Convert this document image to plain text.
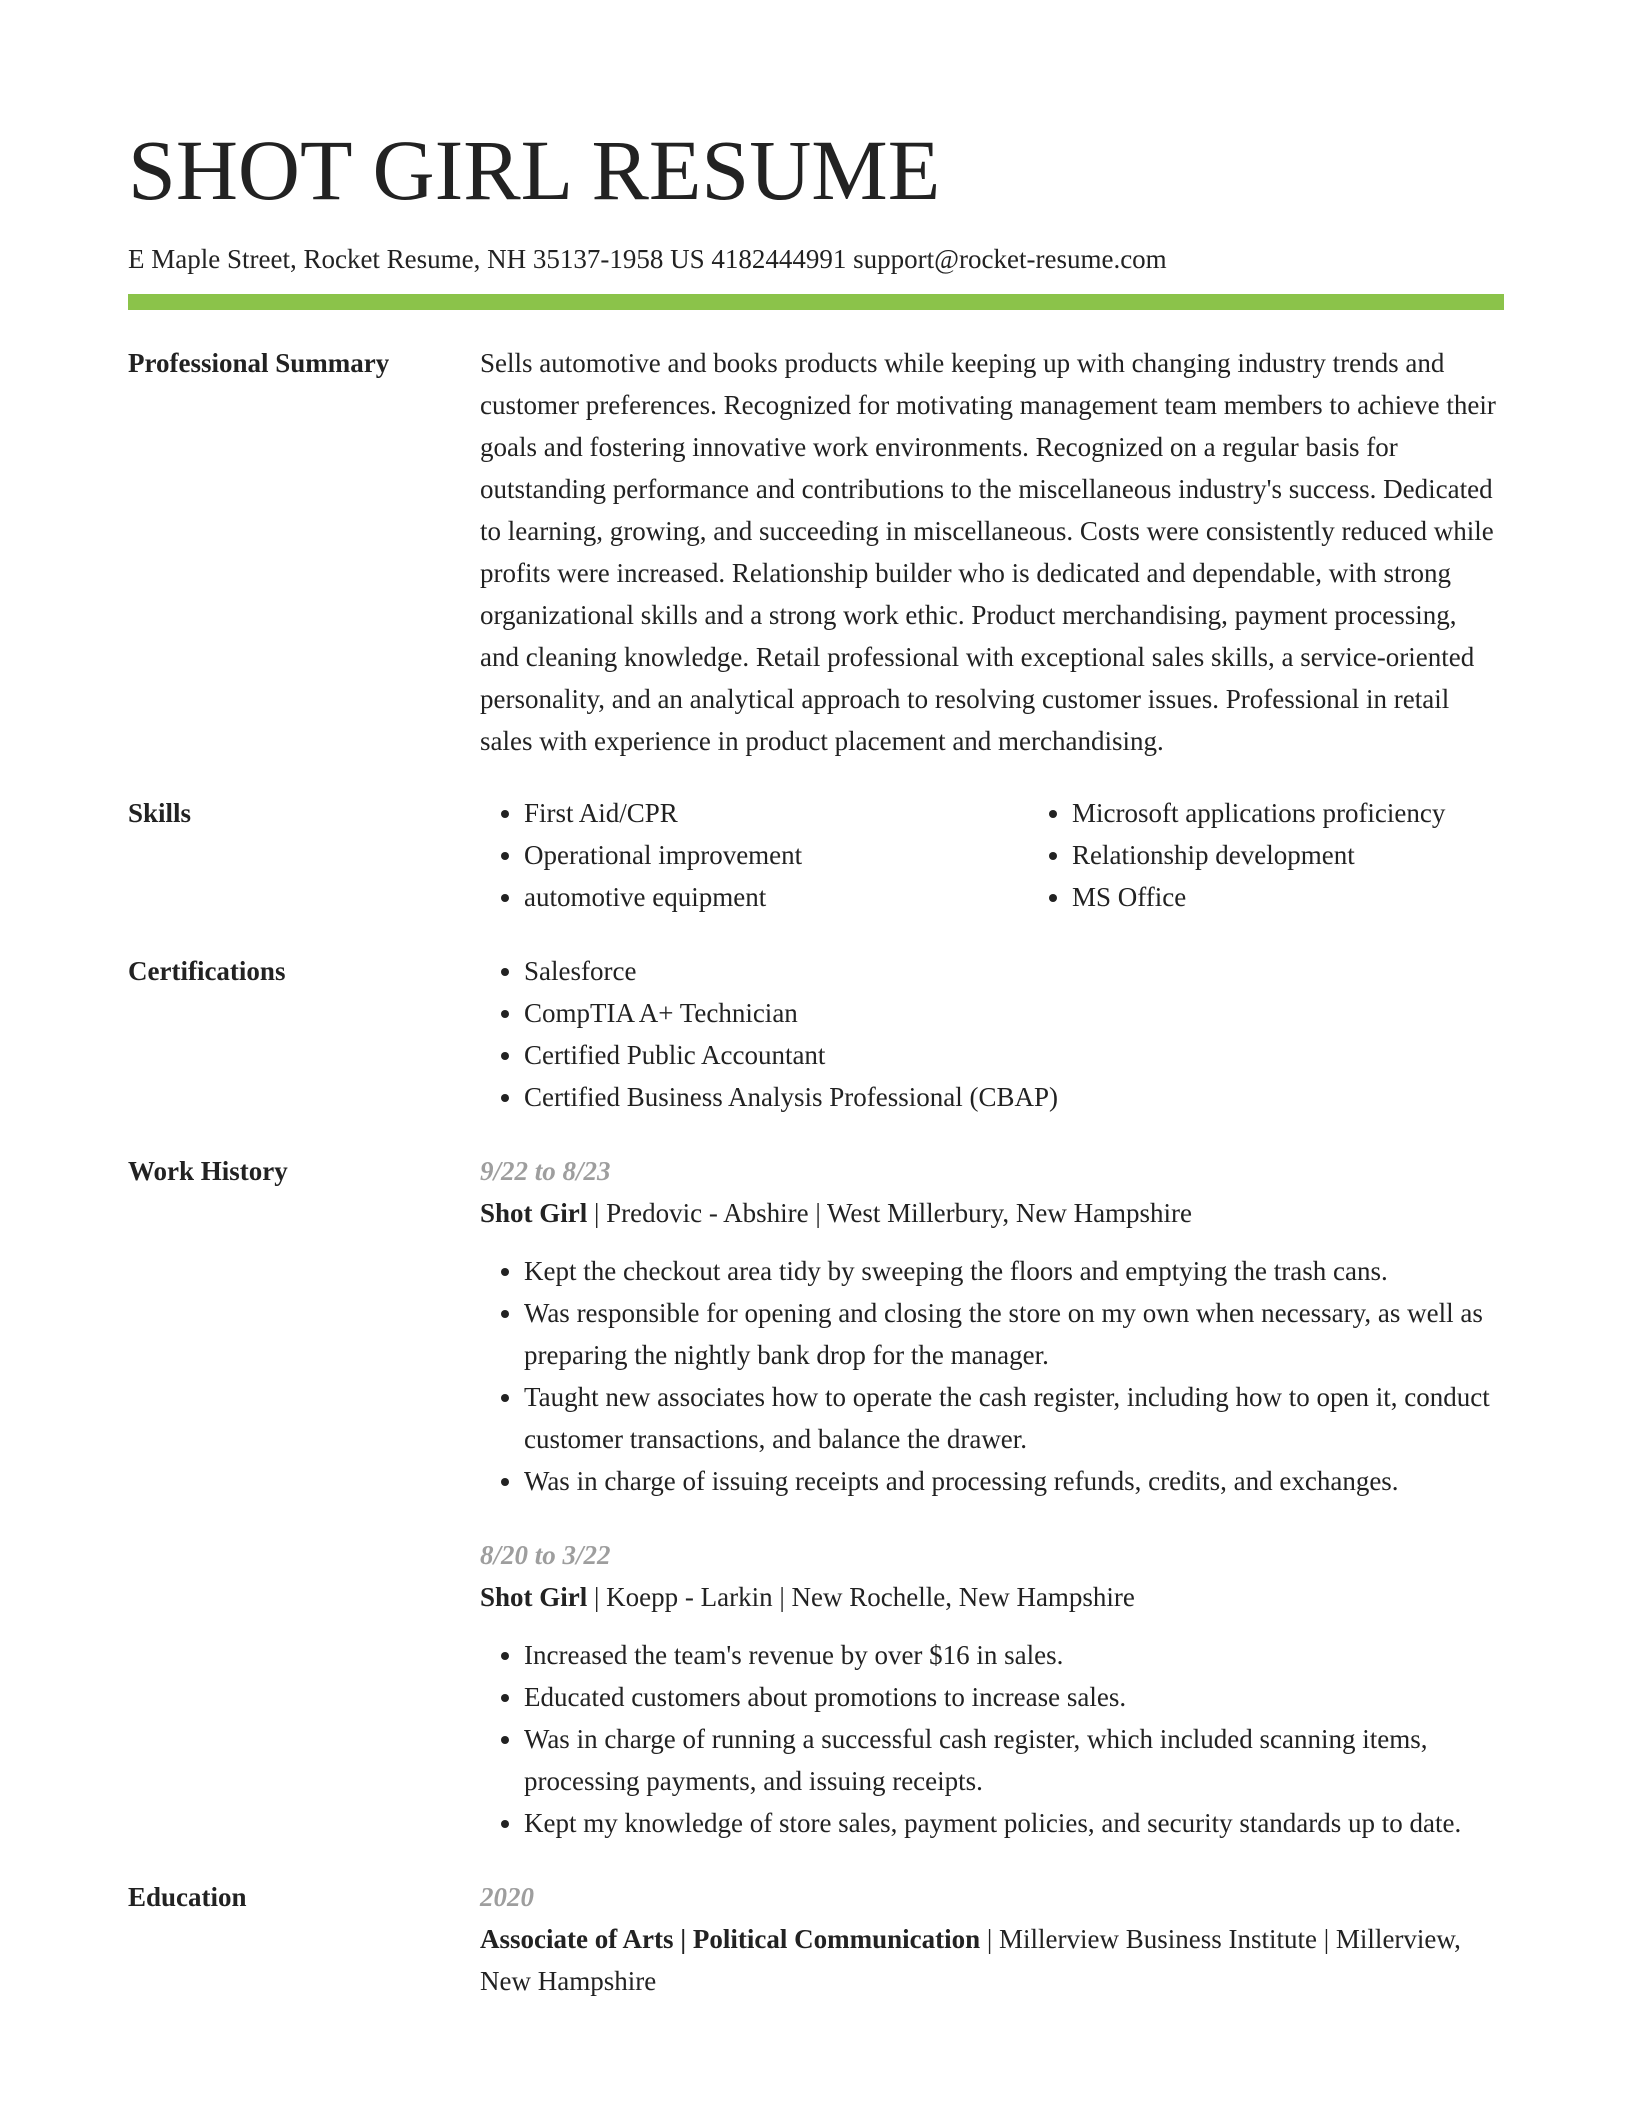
SHOT GIRL RESUME
E Maple Street, Rocket Resume, NH 35137-1958 US 4182444991 support@rocket-resume.com
Professional Summary	Sells automotive and books products while keeping up with changing industry trends and customer preferences. Recognized for motivating management team members to achieve their goals and fostering innovative work environments. Recognized on a regular basis for outstanding performance and contributions to the miscellaneous industry's success. Dedicated to learning, growing, and succeeding in miscellaneous. Costs were consistently reduced while profits were increased. Relationship builder who is dedicated and dependable, with strong organizational skills and a strong work ethic. Product merchandising, payment processing, and cleaning knowledge. Retail professional with exceptional sales skills, a service-oriented personality, and an analytical approach to resolving customer issues. Professional in retail sales with experience in product placement and merchandising.

Skills	• First Aid/CPR
• Operational improvement
• automotive equipment
• Microsoft applications proficiency
• Relationship development
• MS Office
Certifications	• Salesforce
• CompTIA A+ Technician
• Certified Public Accountant
• Certified Business Analysis Professional (CBAP)
Work History	9/22 to 8/23
Shot Girl | Predovic - Abshire | West Millerbury, New Hampshire
• Kept the checkout area tidy by sweeping the floors and emptying the trash cans.
• Was responsible for opening and closing the store on my own when necessary, as well as preparing the nightly bank drop for the manager.
• Taught new associates how to operate the cash register, including how to open it, conduct customer transactions, and balance the drawer.
• Was in charge of issuing receipts and processing refunds, credits, and exchanges.
8/20 to 3/22
Shot Girl | Koepp - Larkin | New Rochelle, New Hampshire
• Increased the team's revenue by over $16 in sales.
• Educated customers about promotions to increase sales.
• Was in charge of running a successful cash register, which included scanning items, processing payments, and issuing receipts.
• Kept my knowledge of store sales, payment policies, and security standards up to date.
Education	2020
Associate of Arts | Political Communication | Millerview Business Institute | Millerview, New Hampshire
